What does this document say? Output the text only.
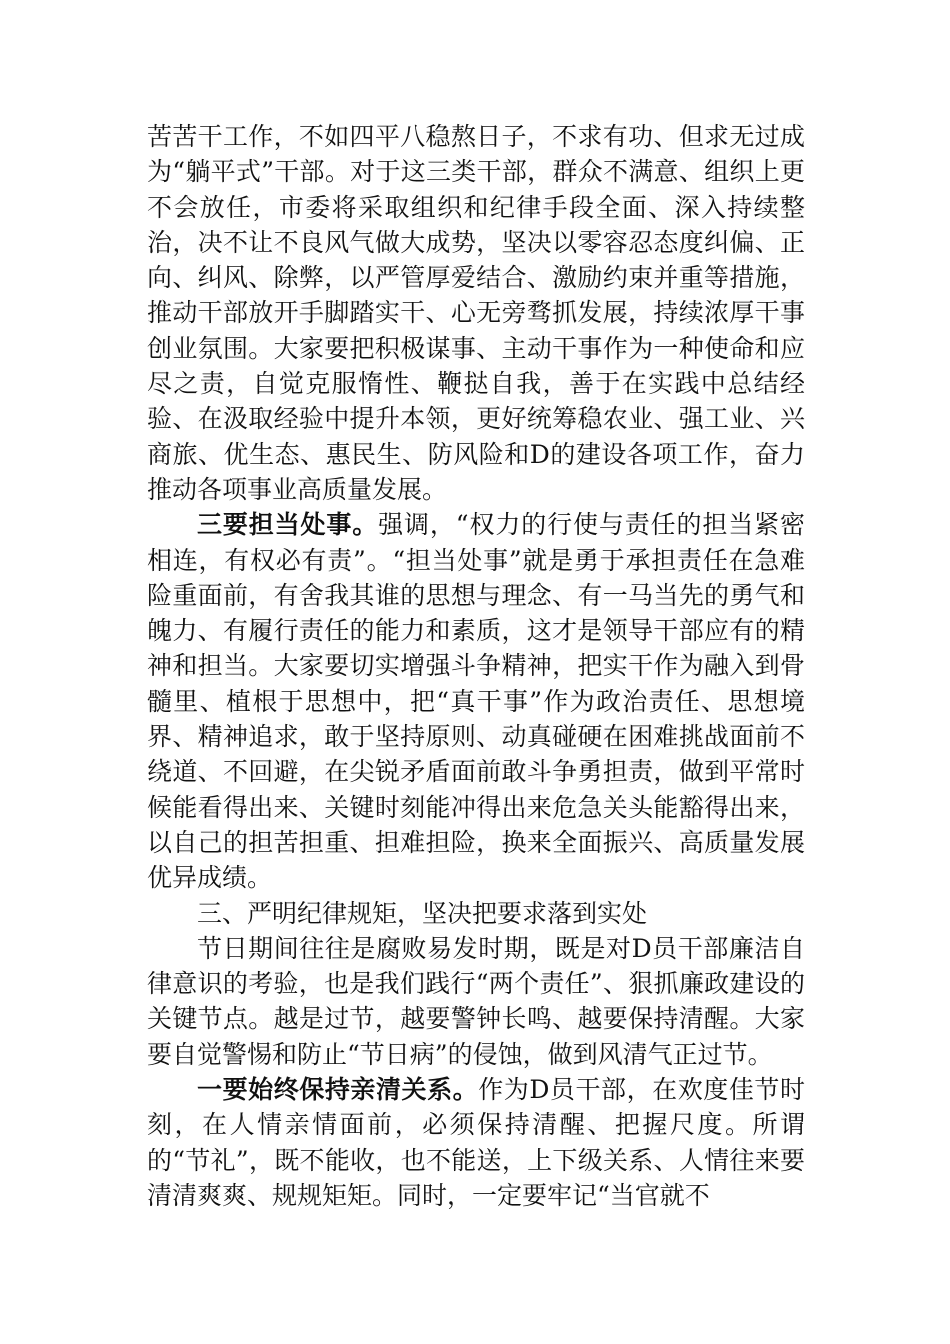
苦苦干工作，不如四平八稳熬日子，不求有功、但求无过成为“躺平式”干部。对于这三类干部，群众不满意、组织上更不会放任，市委将采取组织和纪律手段全面、深入持续整治，决不让不良风气做大成势，坚决以零容忍态度纠偏、正向、纠风、除弊，以严管厚爱结合、激励约束并重等措施，推动干部放开手脚踏实干、心无旁骛抓发展，持续浓厚干事创业氛围。大家要把积极谋事、主动干事作为一种使命和应尽之责，自觉克服惰性、鞭挞自我，善于在实践中总结经验、在汲取经验中提升本领，更好统筹稳农业、强工业、兴商旅、优生态、惠民生、防风险和D的建设各项工作，奋力推动各项事业高质量发展。

三要担当处事。强调，“权力的行使与责任的担当紧密相连，有权必有责”。“担当处事”就是勇于承担责任在急难险重面前，有舍我其谁的思想与理念、有一马当先的勇气和魄力、有履行责任的能力和素质，这才是领导干部应有的精神和担当。大家要切实增强斗争精神，把实干作为融入到骨髓里、植根于思想中，把“真干事”作为政治责任、思想境界、精神追求，敢于坚持原则、动真碰硬在困难挑战面前不绕道、不回避，在尖锐矛盾面前敢斗争勇担责，做到平常时候能看得出来、关键时刻能冲得出来危急关头能豁得出来，以自己的担苦担重、担难担险，换来全面振兴、高质量发展优异成绩。

三、严明纪律规矩，坚决把要求落到实处

节日期间往往是腐败易发时期，既是对D员干部廉洁自律意识的考验，也是我们践行“两个责任”、狠抓廉政建设的关键节点。越是过节，越要警钟长鸣、越要保持清醒。大家要自觉警惕和防止“节日病”的侵蚀，做到风清气正过节。

一要始终保持亲清关系。作为D员干部，在欢度佳节时刻，在人情亲情面前，必须保持清醒、把握尺度。所谓的“节礼”，既不能收，也不能送，上下级关系、人情往来要清清爽爽、规规矩矩。同时，一定要牢记“当官就不
